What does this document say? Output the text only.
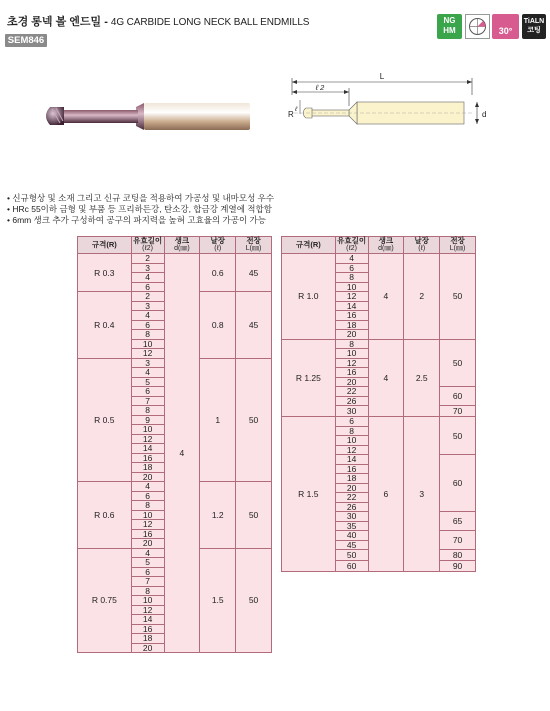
초경 롱넥 볼 엔드밀 - 4G CARBIDE LONG NECK BALL ENDMILLS
SEM846
NG
HM	30°
TiALN
코팅
L
ℓ 2
ℓ
R	d
• 신규형상 및 소재 그리고 신규 코팅을 적용하여 가공성 및 내마모성 우수
• HRc 55이하 금형 및 부품 등 프리하든강, 탄소강, 합금강 계열에 적합함
• 6mm 생크 추가 구성하여 공구의 파지력을 높혀 고효율의 가공이 가능
규격(R)	유효길이
(ℓ2)	생크
d(㎜)	날장
(ℓ)	전장
L(㎜)

R 0.3	2	4	0.6	45
	3			
	4			
	6			
R 0.4	2		0.8	45
	3			
	4			
	6			
	8			
	10			
	12			
R 0.5	3		1	50
	4			
	5			
	6			
	7			
	8			
	9			
	10			
	12			
	14			
	16			
	18			
	20			
R 0.6	4		1.2	50
	6			
	8			
	10			
	12			
	16			
	20			
R 0.75	4		1.5	50
	5			
	6			
	7			
	8			
	10			
	12			
	14			
	16			
	18			
	20			
규격(R)	유효길이
(ℓ2)	생크
d(㎜)	날장
(ℓ)	전장
L(㎜)

R 1.0	4	4	2	50
	6			
	8			
	10			
	12			
	14			
	16			
	18			
	20			
R 1.25	8	4	2.5	50
	10			
	12			
	16			
	20			
	22			60
	26			
	30			70
R 1.5	6	6	3	50
	8			
	10			
	12			
	14			60
	16			
	18			
	20			
	22			
	26			
	30			65
	35			
	40			70
	45			
	50			80
	60			90
